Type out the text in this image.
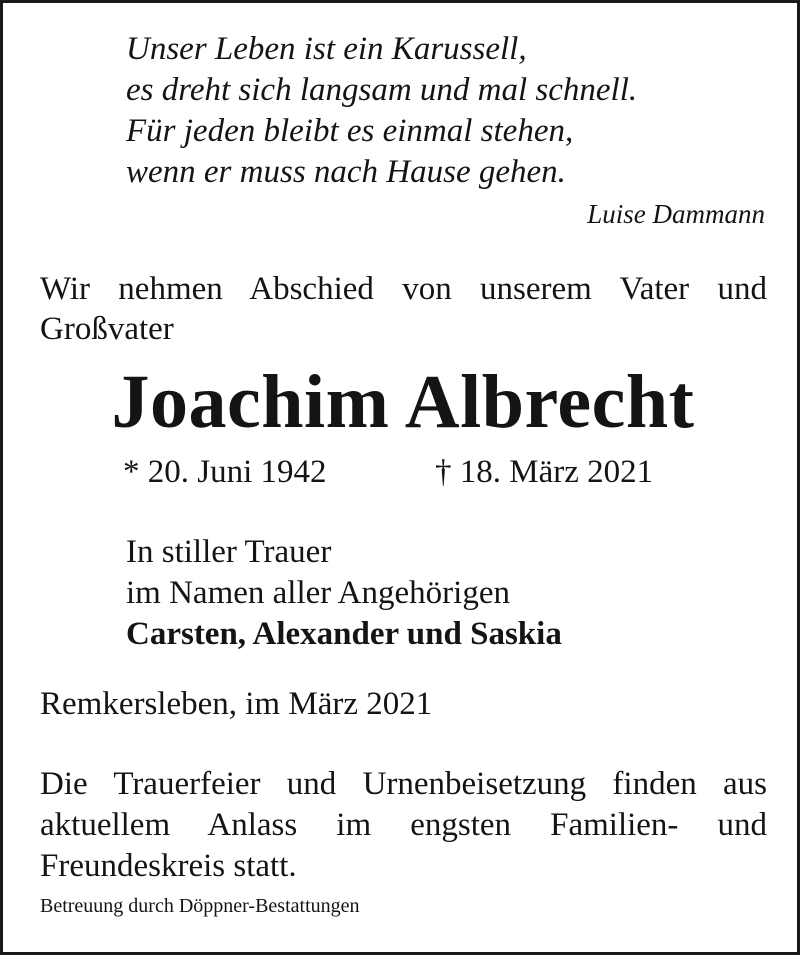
Unser Leben ist ein Karussell,
es dreht sich langsam und mal schnell.
Für jeden bleibt es einmal stehen,
wenn er muss nach Hause gehen.
Luise Dammann
Wir nehmen Abschied von unserem Vater und Großvater
Joachim Albrecht
* 20. Juni 1942	† 18. März 2021
In stiller Trauer
im Namen aller Angehörigen
Carsten, Alexander und Saskia
Remkersleben, im März 2021
Die Trauerfeier und Urnenbeisetzung finden aus aktuellem Anlass im engsten Familien- und Freundeskreis statt.
Betreuung durch Döppner-Bestattungen
